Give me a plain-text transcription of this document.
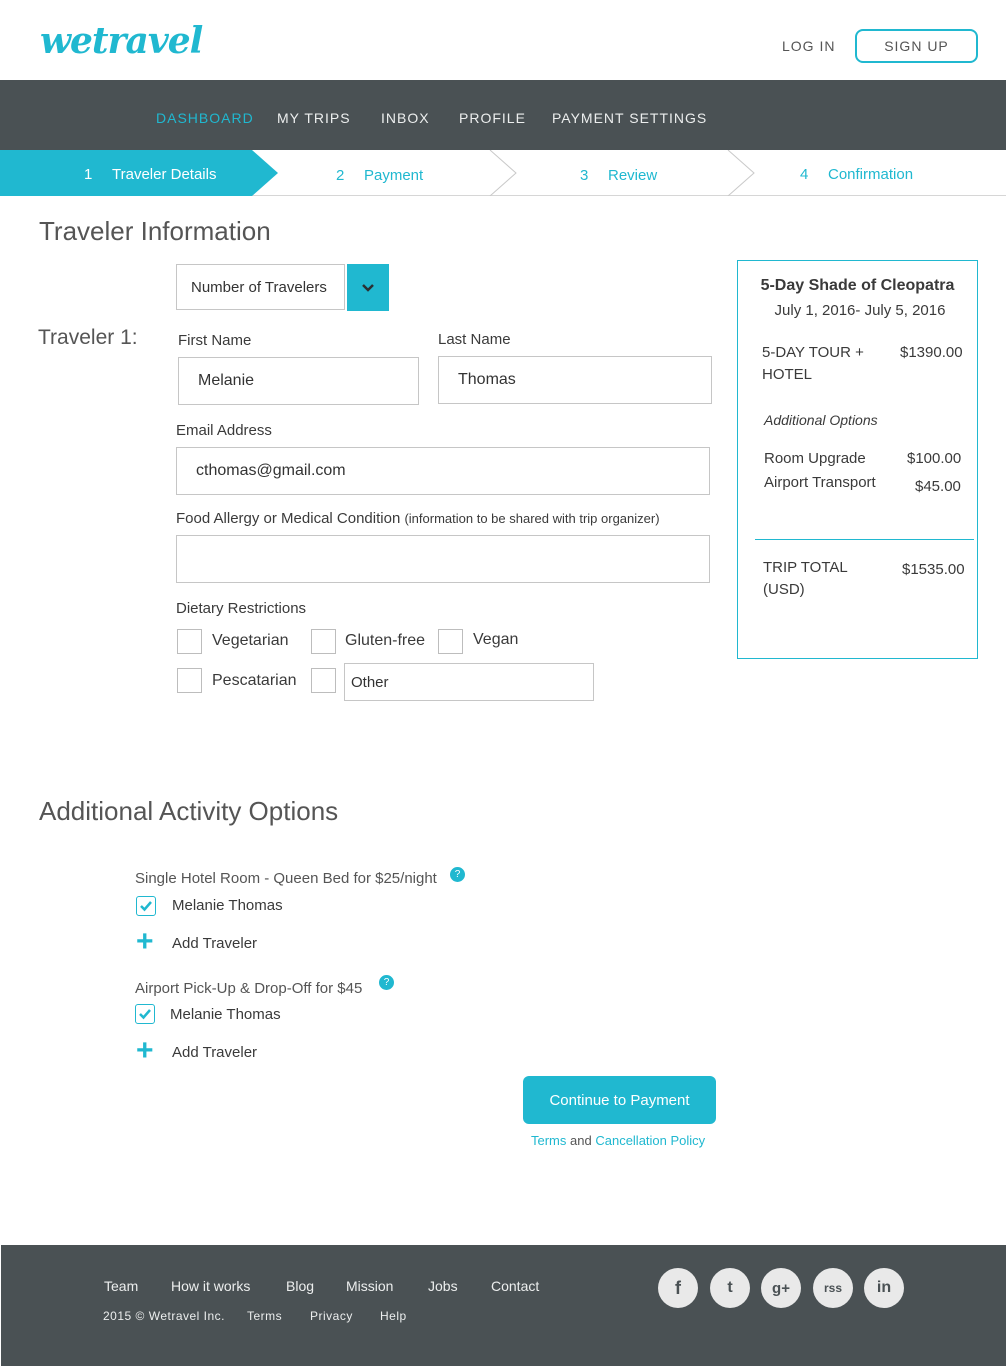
wetravel	LOG IN	SIGN UP
DASHBOARD MY TRIPS INBOX PROFILE PAYMENT SETTINGS
1 Traveler Details	2 Payment	3 Review	4 Confirmation
Traveler Information
Number of Travelers
Traveler 1:	First Name
Melanie
Last Name
Thomas
Email Address
cthomas@gmail.com
Food Allergy or Medical Condition (information to be shared with trip organizer)
Dietary Restrictions
Vegetarian	Gluten-free	Vegan
Pescatarian	Other
5-Day Shade of Cleopatra
July 1, 2016- July 5, 2016
5-DAY TOUR +
HOTEL
$1390.00
Additional Options
Room Upgrade	$100.00
Airport Transport	$45.00
TRIP TOTAL
(USD)
$1535.00
Additional Activity Options
Single Hotel Room - Queen Bed for $25/night	?
Melanie Thomas
+ Add Traveler
Airport Pick-Up & Drop-Off for $45	?
Melanie Thomas
+ Add Traveler
Continue to Payment
Terms and Cancellation Policy
Team How it works	Blog Mission Jobs Contact
2015 © Wetravel Inc. Terms Privacy Help
f	t	g+	rss	in
